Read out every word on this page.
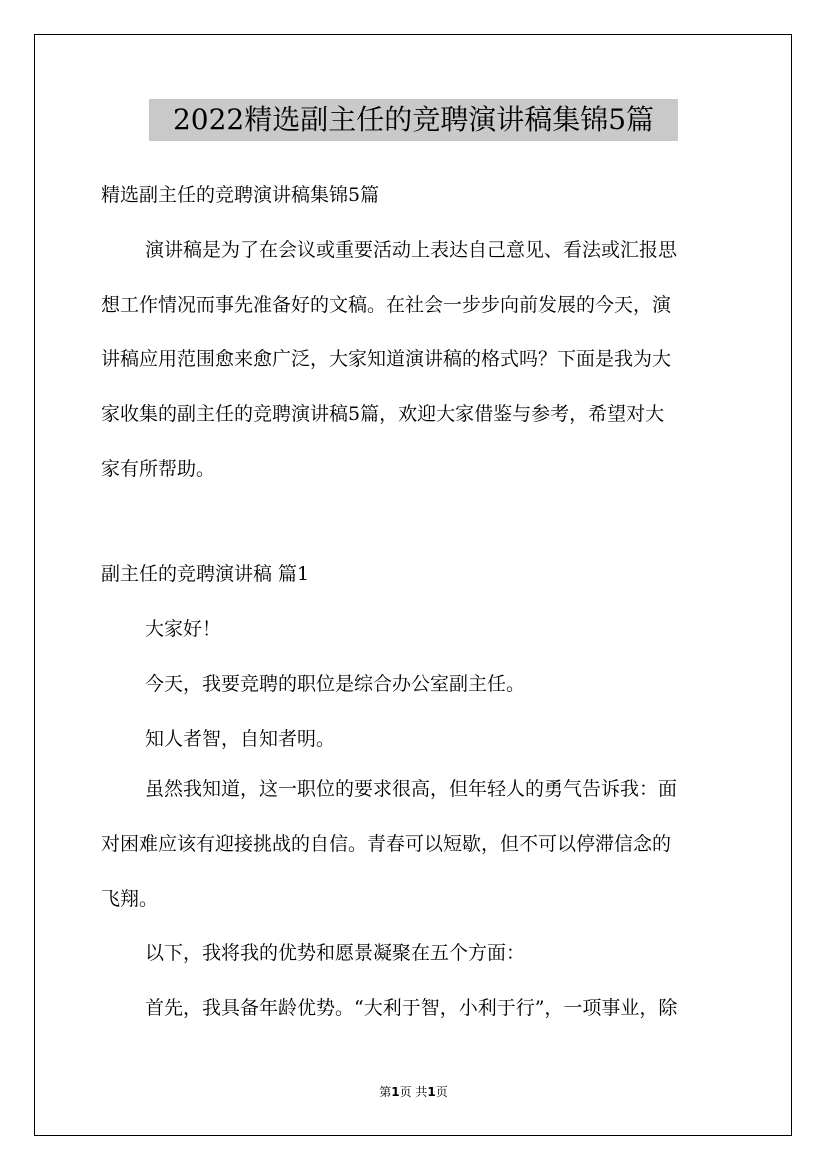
2022精选副主任的竞聘演讲稿集锦5篇
精选副主任的竞聘演讲稿集锦5篇
演讲稿是为了在会议或重要活动上表达自己意见、看法或汇报思
想工作情况而事先准备好的文稿。在社会一步步向前发展的今天，演
讲稿应用范围愈来愈广泛，大家知道演讲稿的格式吗？下面是我为大
家收集的副主任的竞聘演讲稿5篇，欢迎大家借鉴与参考，希望对大
家有所帮助。
副主任的竞聘演讲稿 篇1
大家好！
今天，我要竞聘的职位是综合办公室副主任。
知人者智，自知者明。
虽然我知道，这一职位的要求很高，但年轻人的勇气告诉我：面
对困难应该有迎接挑战的自信。青春可以短歇，但不可以停滞信念的
飞翔。
以下，我将我的优势和愿景凝聚在五个方面：
首先，我具备年龄优势。“大利于智，小利于行”，一项事业，除
第1页 共1页
